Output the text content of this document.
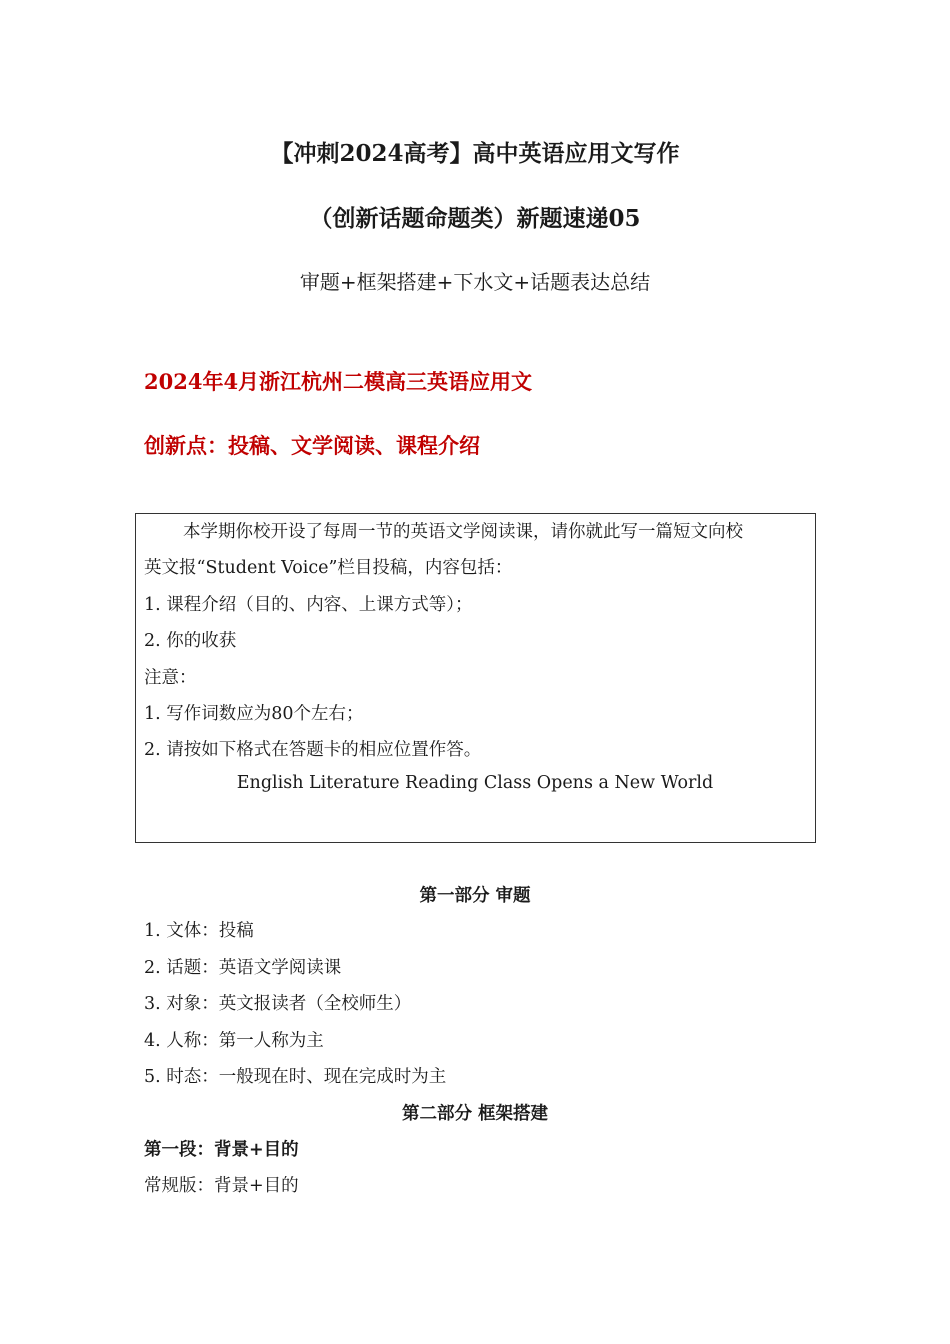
【冲刺2024高考】高中英语应用文写作
（创新话题命题类）新题速递05
审题+框架搭建+下水文+话题表达总结
2024年4月浙江杭州二模高三英语应用文
创新点：投稿、文学阅读、课程介绍
本学期你校开设了每周一节的英语文学阅读课，请你就此写一篇短文向校
英文报“Student Voice”栏目投稿，内容包括：
1. 课程介绍（目的、内容、上课方式等）；
2. 你的收获
注意：
1. 写作词数应为80个左右；
2. 请按如下格式在答题卡的相应位置作答。
English Literature Reading Class Opens a New World
第一部分 审题
1. 文体：投稿
2. 话题：英语文学阅读课
3. 对象：英文报读者（全校师生）
4. 人称：第一人称为主
5. 时态：一般现在时、现在完成时为主
第二部分 框架搭建
第一段：背景+目的
常规版：背景+目的
